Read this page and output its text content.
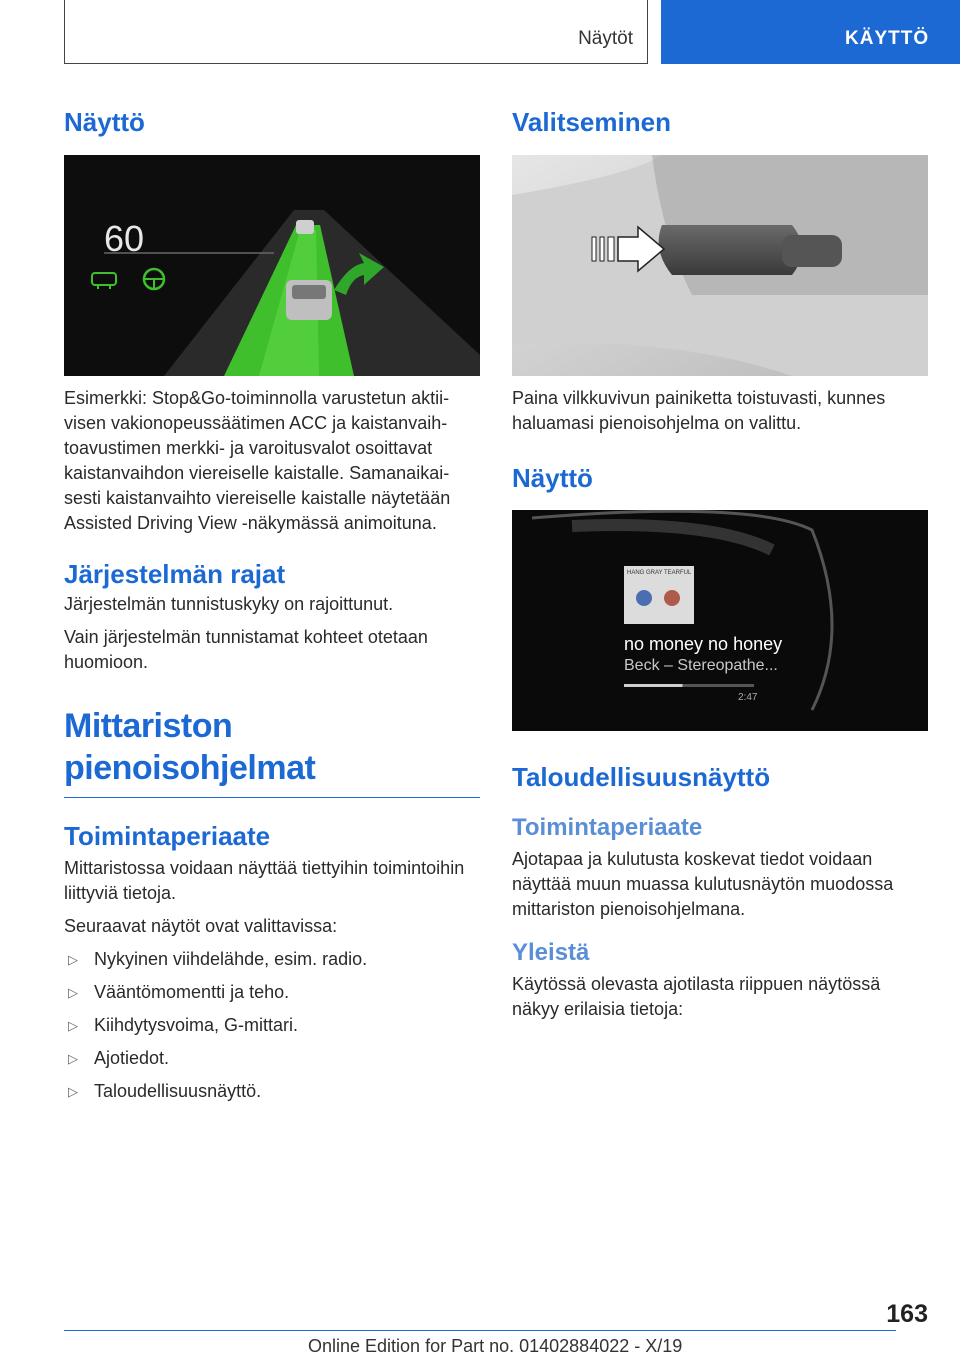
Näytöt	KÄYTTÖ
Näyttö
60

Esimerkki: Stop&Go-toiminnolla varustetun aktiivisen vakionopeussäätimen ACC ja kaistanvaihtoavustimen merkki- ja varoitusvalot osoittavat kaistanvaihdon viereiselle kaistalle. Samanaikaisesti kaistanvaihto viereiselle kaistalle näytetään Assisted Driving View -näkymässä animoituna.

Järjestelmän rajat

Järjestelmän tunnistuskyky on rajoittunut.

Vain järjestelmän tunnistamat kohteet otetaan huomioon.

Mittariston pienoisohjelmat
Toimintaperiaate

Mittaristossa voidaan näyttää tiettyihin toimintoihin liittyviä tietoja.

Seuraavat näytöt ovat valittavissa:

▷ Nykyinen viihdelähde, esim. radio.
▷ Vääntömomentti ja teho.
▷ Kiihdytysvoima, G-mittari.
▷ Ajotiedot.
▷ Taloudellisuusnäyttö.
Valitseminen

Paina vilkkuvivun painiketta toistuvasti, kunnes haluamasi pienoisohjelma on valittu.

Näyttö
HANG GRAY TEARFUL
no money no honey
Beck – Stereopathe...
2:47
Taloudellisuusnäyttö
Toimintaperiaate

Ajotapaa ja kulutusta koskevat tiedot voidaan näyttää muun muassa kulutusnäytön muodossa mittariston pienoisohjelmana.

Yleistä

Käytössä olevasta ajotilasta riippuen näytössä näkyy erilaisia tietoja:

163
Online Edition for Part no. 01402884022 - X/19
